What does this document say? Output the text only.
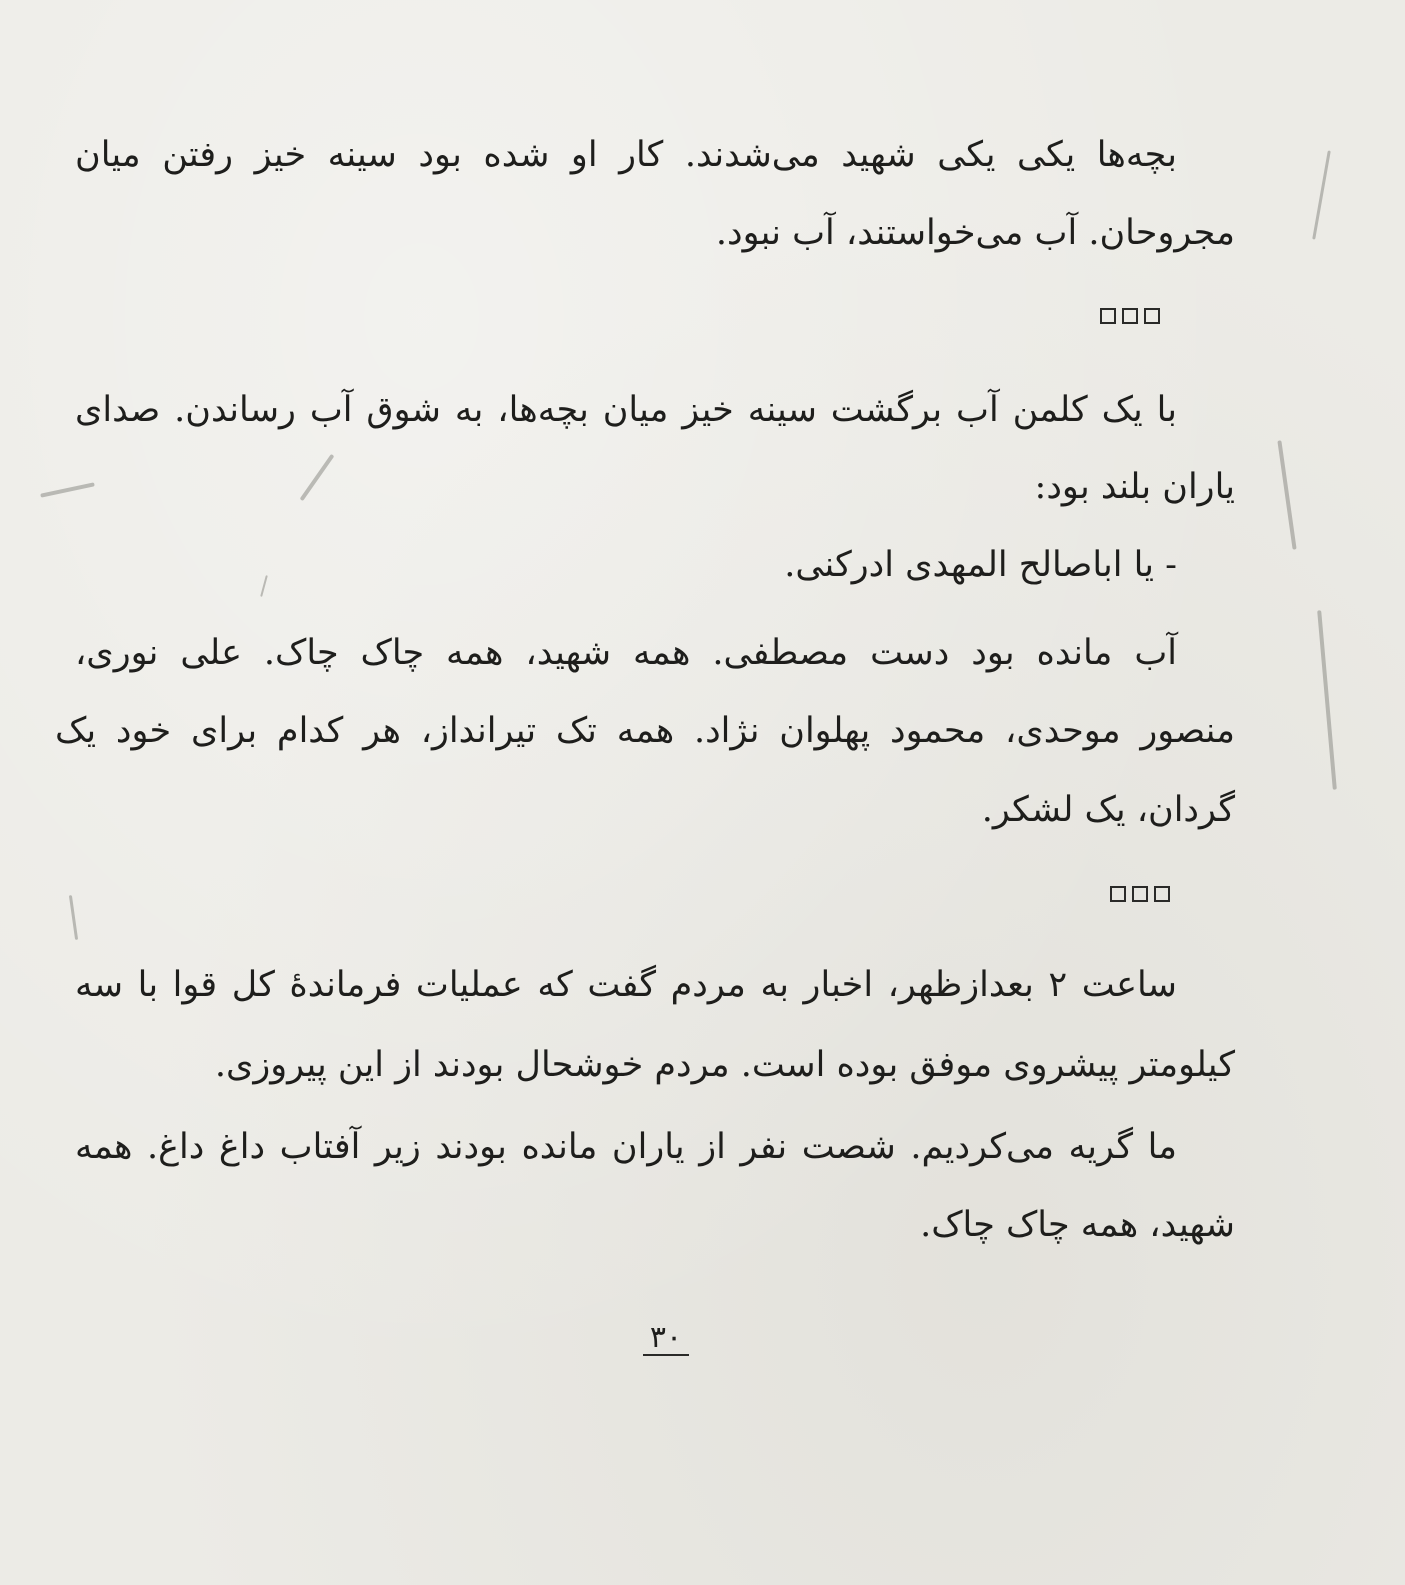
بچه‌ها یکی یکی شهید می‌شدند. کار او شده بود سینه خیز رفتن میان
مجروحان. آب می‌خواستند، آب نبود.
با یک کلمن آب برگشت سینه خیز میان بچه‌ها، به شوق آب رساندن. صدای
یاران بلند بود:
- یا اباصالح المهدی ادرکنی.
آب مانده بود دست مصطفی. همه شهید، همه چاک چاک. علی نوری،
منصور موحدی، محمود پهلوان نژاد. همه تک تیرانداز، هر کدام برای خود یک
گردان، یک لشکر.
ساعت ۲ بعدازظهر، اخبار به مردم گفت که عملیات فرماندهٔ کل قوا با سه
کیلومتر پیشروی موفق بوده است. مردم خوشحال بودند از این پیروزی.
ما گریه می‌کردیم. شصت نفر از یاران مانده بودند زیر آفتاب داغ داغ. همه
شهید، همه چاک چاک.
۳۰
